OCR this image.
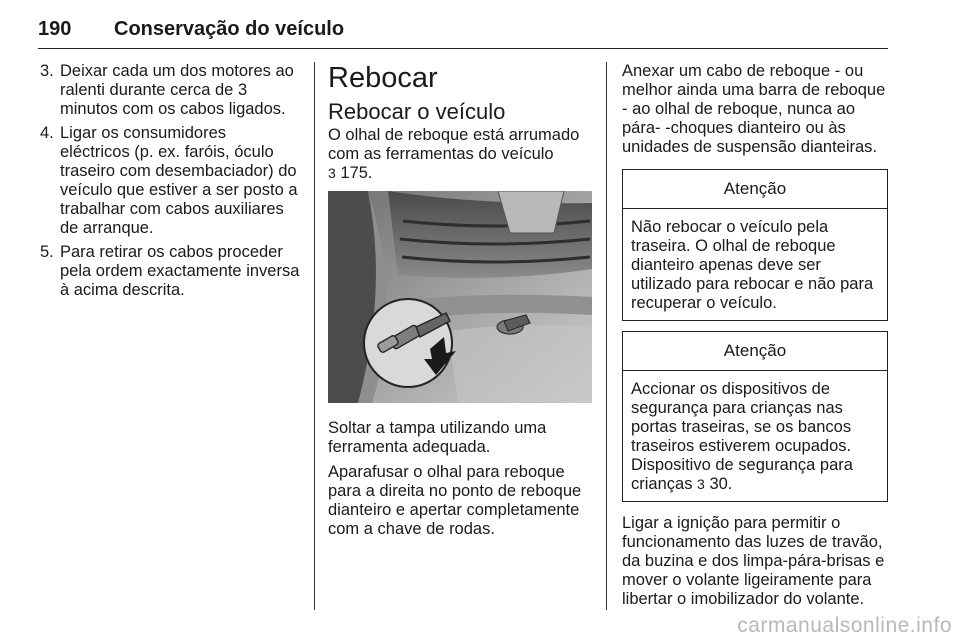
190 Conservação do veículo
3. Deixar cada um dos motores ao ralenti durante cerca de 3 minutos com os cabos ligados.
4. Ligar os consumidores eléctricos (p. ex. faróis, óculo traseiro com desembaciador) do veículo que estiver a ser posto a trabalhar com cabos auxiliares de arranque.
5. Para retirar os cabos proceder pela ordem exactamente inversa à acima descrita.
Rebocar
Rebocar o veículo

O olhal de reboque está arrumado com as ferramentas do veículo
3 175.

Soltar a tampa utilizando uma ferramenta adequada.

Aparafusar o olhal para reboque para a direita no ponto de reboque dianteiro e apertar completamente com a chave de rodas.

Anexar um cabo de reboque - ou melhor ainda uma barra de reboque - ao olhal de reboque, nunca ao pára- -choques dianteiro ou às unidades de suspensão dianteiras.

Atenção
Não rebocar o veículo pela traseira. O olhal de reboque dianteiro apenas deve ser utilizado para rebocar e não para recuperar o veículo.
Atenção
Accionar os dispositivos de segurança para crianças nas portas traseiras, se os bancos traseiros estiverem ocupados. Dispositivo de segurança para crianças 3 30.

Ligar a ignição para permitir o funcionamento das luzes de travão, da buzina e dos limpa-pára-brisas e mover o volante ligeiramente para libertar o imobilizador do volante.

carmanualsonline.info
